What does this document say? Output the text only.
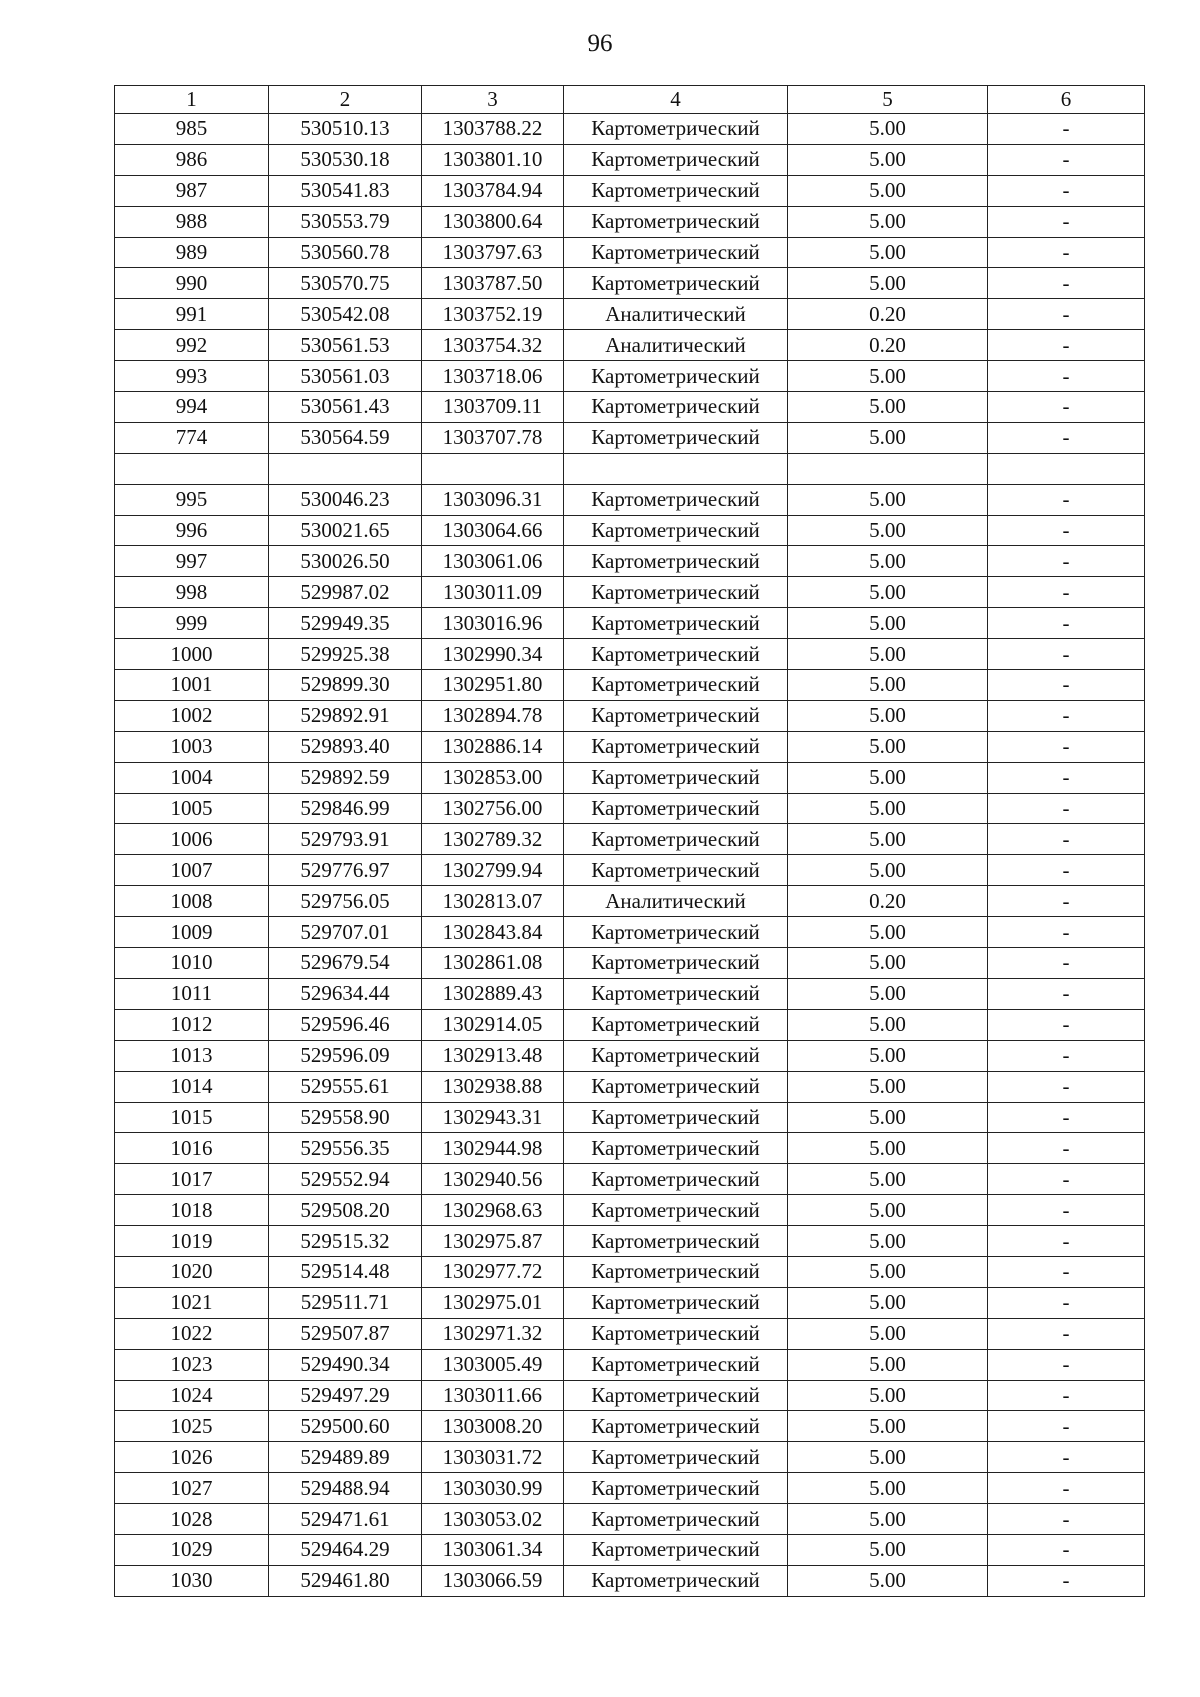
96
1	2	3	4	5	6
985	530510.13	1303788.22	Картометрический	5.00	-
986	530530.18	1303801.10	Картометрический	5.00	-
987	530541.83	1303784.94	Картометрический	5.00	-
988	530553.79	1303800.64	Картометрический	5.00	-
989	530560.78	1303797.63	Картометрический	5.00	-
990	530570.75	1303787.50	Картометрический	5.00	-
991	530542.08	1303752.19	Аналитический	0.20	-
992	530561.53	1303754.32	Аналитический	0.20	-
993	530561.03	1303718.06	Картометрический	5.00	-
994	530561.43	1303709.11	Картометрический	5.00	-
774	530564.59	1303707.78	Картометрический	5.00	-

995	530046.23	1303096.31	Картометрический	5.00	-
996	530021.65	1303064.66	Картометрический	5.00	-
997	530026.50	1303061.06	Картометрический	5.00	-
998	529987.02	1303011.09	Картометрический	5.00	-
999	529949.35	1303016.96	Картометрический	5.00	-
1000	529925.38	1302990.34	Картометрический	5.00	-
1001	529899.30	1302951.80	Картометрический	5.00	-
1002	529892.91	1302894.78	Картометрический	5.00	-
1003	529893.40	1302886.14	Картометрический	5.00	-
1004	529892.59	1302853.00	Картометрический	5.00	-
1005	529846.99	1302756.00	Картометрический	5.00	-
1006	529793.91	1302789.32	Картометрический	5.00	-
1007	529776.97	1302799.94	Картометрический	5.00	-
1008	529756.05	1302813.07	Аналитический	0.20	-
1009	529707.01	1302843.84	Картометрический	5.00	-
1010	529679.54	1302861.08	Картометрический	5.00	-
1011	529634.44	1302889.43	Картометрический	5.00	-
1012	529596.46	1302914.05	Картометрический	5.00	-
1013	529596.09	1302913.48	Картометрический	5.00	-
1014	529555.61	1302938.88	Картометрический	5.00	-
1015	529558.90	1302943.31	Картометрический	5.00	-
1016	529556.35	1302944.98	Картометрический	5.00	-
1017	529552.94	1302940.56	Картометрический	5.00	-
1018	529508.20	1302968.63	Картометрический	5.00	-
1019	529515.32	1302975.87	Картометрический	5.00	-
1020	529514.48	1302977.72	Картометрический	5.00	-
1021	529511.71	1302975.01	Картометрический	5.00	-
1022	529507.87	1302971.32	Картометрический	5.00	-
1023	529490.34	1303005.49	Картометрический	5.00	-
1024	529497.29	1303011.66	Картометрический	5.00	-
1025	529500.60	1303008.20	Картометрический	5.00	-
1026	529489.89	1303031.72	Картометрический	5.00	-
1027	529488.94	1303030.99	Картометрический	5.00	-
1028	529471.61	1303053.02	Картометрический	5.00	-
1029	529464.29	1303061.34	Картометрический	5.00	-
1030	529461.80	1303066.59	Картометрический	5.00	-
